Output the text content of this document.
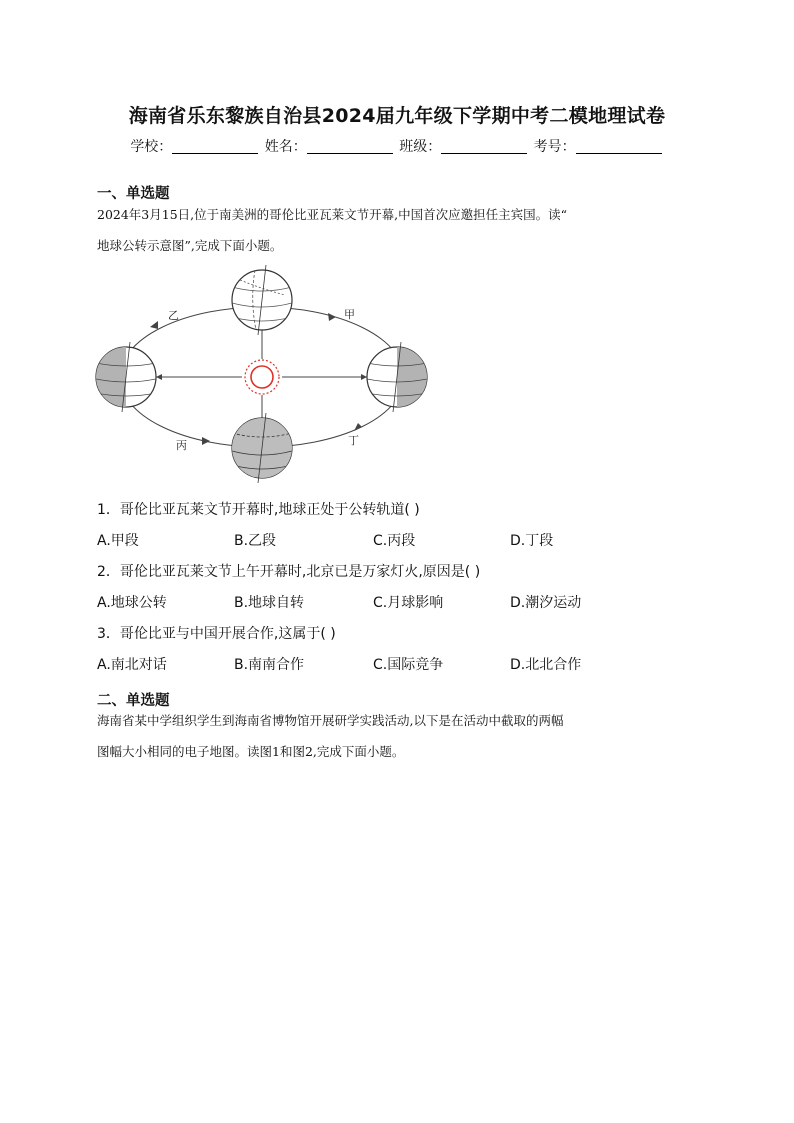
海南省乐东黎族自治县2024届九年级下学期中考二模地理试卷
学校：	姓名：	班级：	考号：
一、单选题
2024年3月15日,位于南美洲的哥伦比亚瓦莱文节开幕,中国首次应邀担任主宾国。读“
地球公转示意图”,完成下面小题。
甲
乙
丙	丁
1．哥伦比亚瓦莱文节开幕时,地球正处于公转轨道( )
A.甲段	B.乙段	C.丙段	D.丁段
2．哥伦比亚瓦莱文节上午开幕时,北京已是万家灯火,原因是( )
A.地球公转	B.地球自转	C.月球影响	D.潮汐运动
3．哥伦比亚与中国开展合作,这属于( )
A.南北对话	B.南南合作	C.国际竞争	D.北北合作
二、单选题
海南省某中学组织学生到海南省博物馆开展研学实践活动,以下是在活动中截取的两幅
图幅大小相同的电子地图。读图1和图2,完成下面小题。
